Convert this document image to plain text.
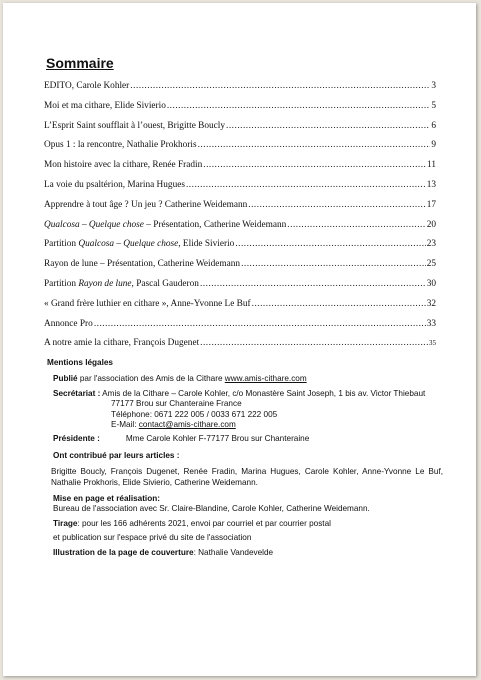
Sommaire
EDITO, Carole Kohler .....	3
Moi et ma cithare, Elide Sivierio .....	5
L’Esprit Saint soufflait à l’ouest, Brigitte Boucly .....	6
Opus 1 : la rencontre, Nathalie Prokhoris .....	9
Mon histoire avec la cithare, Renée Fradin .....	11
La voie du psaltérion, Marina Hugues .....	13
Apprendre à tout âge ? Un jeu ? Catherine Weidemann .....	17
Qualcosa – Quelque chose – Présentation, Catherine Weidemann .....	20
Partition Qualcosa – Quelque chose, Elide Sivierio .....	23
Rayon de lune – Présentation, Catherine Weidemann .....	25
Partition Rayon de lune, Pascal Gauderon .....	30
« Grand frère luthier en cithare », Anne-Yvonne Le Buf .....	32
Annonce Pro .....	33
A notre amie la cithare, François Dugenet .....	35
Mentions légales
Publié par l'association des Amis de la Cithare www.amis-cithare.com
Secrétariat : Amis de la Cithare – Carole Kohler, c/o Monastère Saint Joseph, 1 bis av. Victor Thiebaut
77177 Brou sur Chanteraine France
Téléphone: 0671 222 005 / 0033 671 222 005
E-Mail: contact@amis-cithare.com
Présidente :	Mme Carole Kohler F-77177 Brou sur Chanteraine
Ont contribué par leurs articles :
Brigitte Boucly, François Dugenet, Renée Fradin, Marina Hugues, Carole Kohler, Anne-Yvonne Le Buf, Nathalie Prokhoris, Elide Sivierio, Catherine Weidemann.
Mise en page et réalisation:
Bureau de l'association avec Sr. Claire-Blandine, Carole Kohler, Catherine Weidemann.
Tirage: pour les 166 adhérents 2021, envoi par courriel et par courrier postal
et publication sur l'espace privé du site de l'association
Illustration de la page de couverture: Nathalie Vandevelde
